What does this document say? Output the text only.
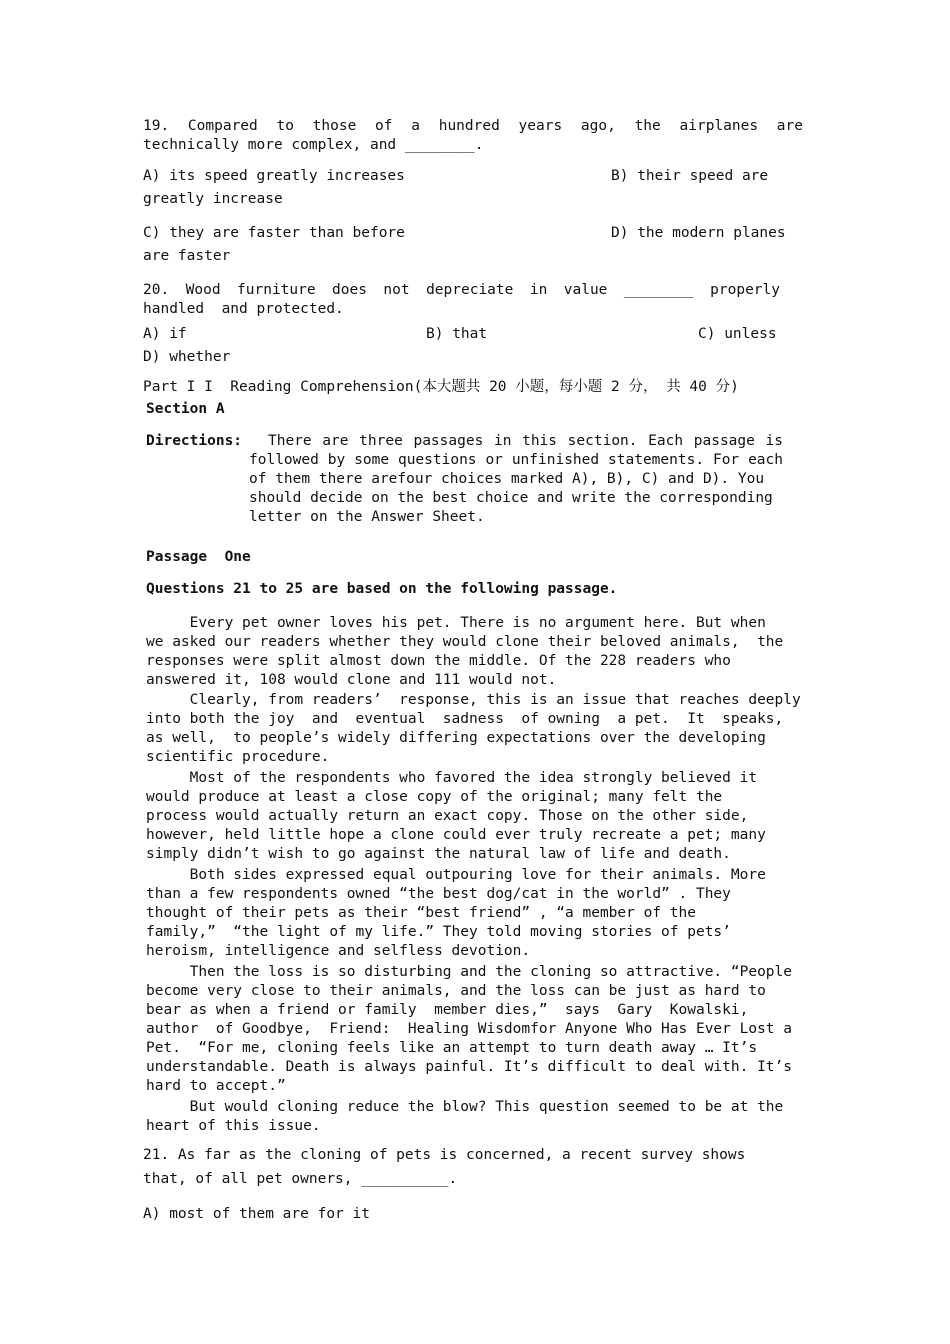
19. Compared to those of a hundred years ago, the airplanes are
technically more complex, and ________.
A) its speed greatly increases	B) their speed are
greatly increase
C) they are faster than before	D) the modern planes
are faster
20. Wood furniture does not depreciate in value ________ properly
handled  and protected.
A) if	B) that	C) unless
D) whether
Part I I  Reading Comprehension(本大题共 20 小题，每小题 2 分， 共 40 分)
Section A
Directions:	There are three passages in this section. Each passage is
followed by some questions or unfinished statements. For each
of them there arefour choices marked A), B), C) and D). You
should decide on the best choice and write the corresponding
letter on the Answer Sheet.
Passage  One
Questions 21 to 25 are based on the following passage.
Every pet owner loves his pet. There is no argument here. But when
we asked our readers whether they would clone their beloved animals,  the
responses were split almost down the middle. Of the 228 readers who
answered it, 108 would clone and 111 would not.
Clearly, from readers’  response, this is an issue that reaches deeply
into both the joy  and  eventual  sadness  of owning  a pet.  It  speaks,
as well,  to people’s widely differing expectations over the developing
scientific procedure.
Most of the respondents who favored the idea strongly believed it
would produce at least a close copy of the original; many felt the
process would actually return an exact copy. Those on the other side,
however, held little hope a clone could ever truly recreate a pet; many
simply didn’t wish to go against the natural law of life and death.
Both sides expressed equal outpouring love for their animals. More
than a few respondents owned “the best dog/cat in the world” . They
thought of their pets as their “best friend” , “a member of the
family,”  “the light of my life.” They told moving stories of pets’
heroism, intelligence and selfless devotion.
Then the loss is so disturbing and the cloning so attractive. “People
become very close to their animals, and the loss can be just as hard to
bear as when a friend or family  member dies,”  says  Gary  Kowalski,
author  of Goodbye,  Friend:  Healing Wisdomfor Anyone Who Has Ever Lost a
Pet.  “For me, cloning feels like an attempt to turn death away … It’s
understandable. Death is always painful. It’s difficult to deal with. It’s
hard to accept.”
But would cloning reduce the blow? This question seemed to be at the
heart of this issue.
21. As far as the cloning of pets is concerned, a recent survey shows
that, of all pet owners, __________.
A) most of them are for it
